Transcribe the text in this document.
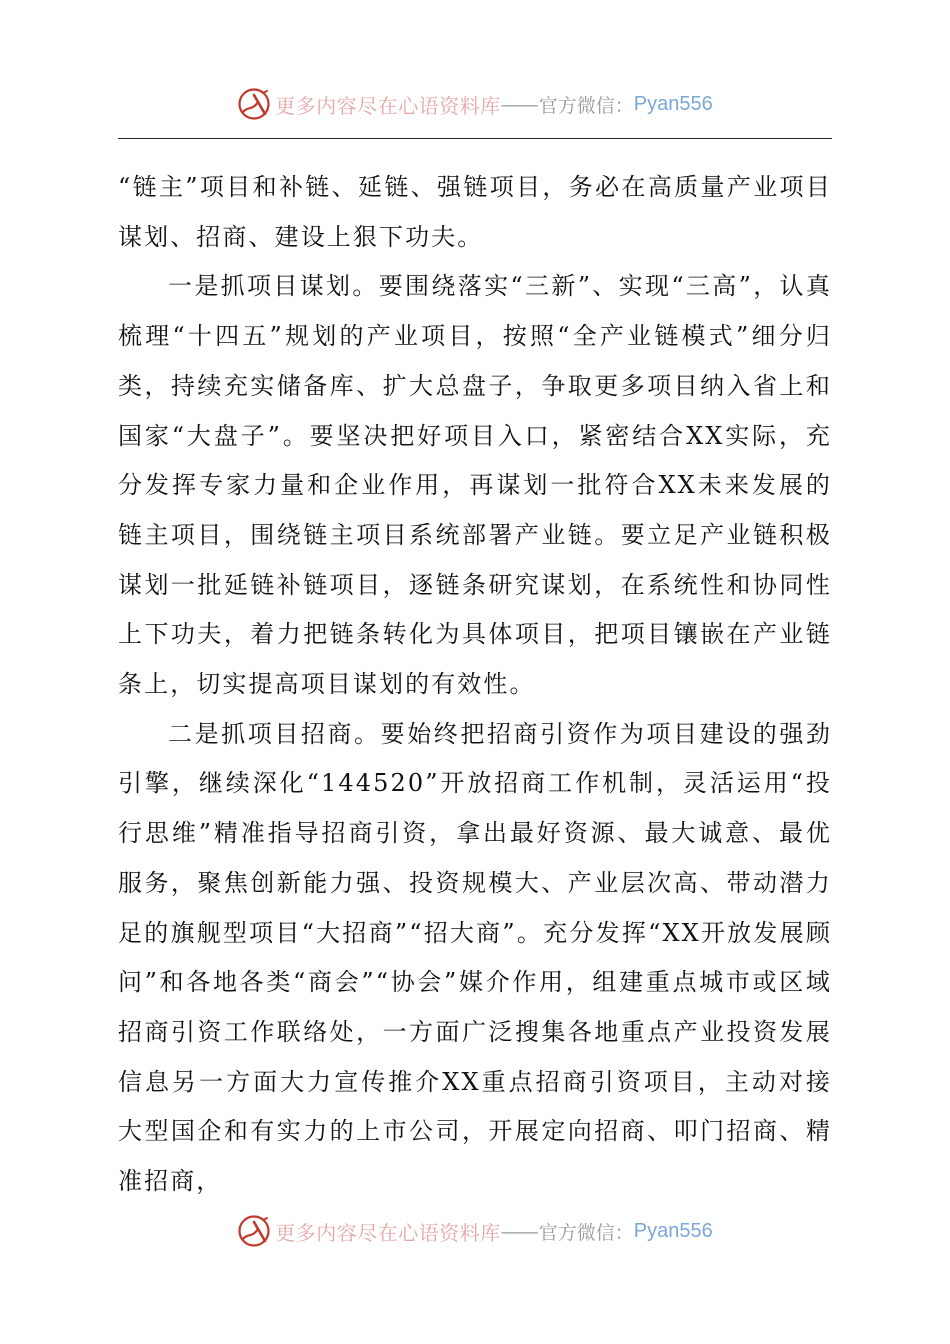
更多内容尽在心语资料库 —— 官方微信： Pyan556

“链主”项目和补链、延链、强链项目，务必在高质量产业项目谋划、招商、建设上狠下功夫。

一是抓项目谋划。要围绕落实“三新”、实现“三高”，认真梳理“十四五”规划的产业项目，按照“全产业链模式”细分归类，持续充实储备库、扩大总盘子，争取更多项目纳入省上和国家“大盘子”。要坚决把好项目入口，紧密结合XX实际，充分发挥专家力量和企业作用，再谋划一批符合XX未来发展的链主项目，围绕链主项目系统部署产业链。要立足产业链积极谋划一批延链补链项目，逐链条研究谋划，在系统性和协同性上下功夫，着力把链条转化为具体项目，把项目镶嵌在产业链条上，切实提高项目谋划的有效性。

二是抓项目招商。要始终把招商引资作为项目建设的强劲引擎，继续深化“144520”开放招商工作机制，灵活运用“投行思维”精准指导招商引资，拿出最好资源、最大诚意、最优服务，聚焦创新能力强、投资规模大、产业层次高、带动潜力足的旗舰型项目“大招商”“招大商”。充分发挥“XX开放发展顾问”和各地各类“商会”“协会”媒介作用，组建重点城市或区域招商引资工作联络处，一方面广泛搜集各地重点产业投资发展信息另一方面大力宣传推介XX重点招商引资项目，主动对接大型国企和有实力的上市公司，开展定向招商、叩门招商、精准招商，

更多内容尽在心语资料库 —— 官方微信： Pyan556
